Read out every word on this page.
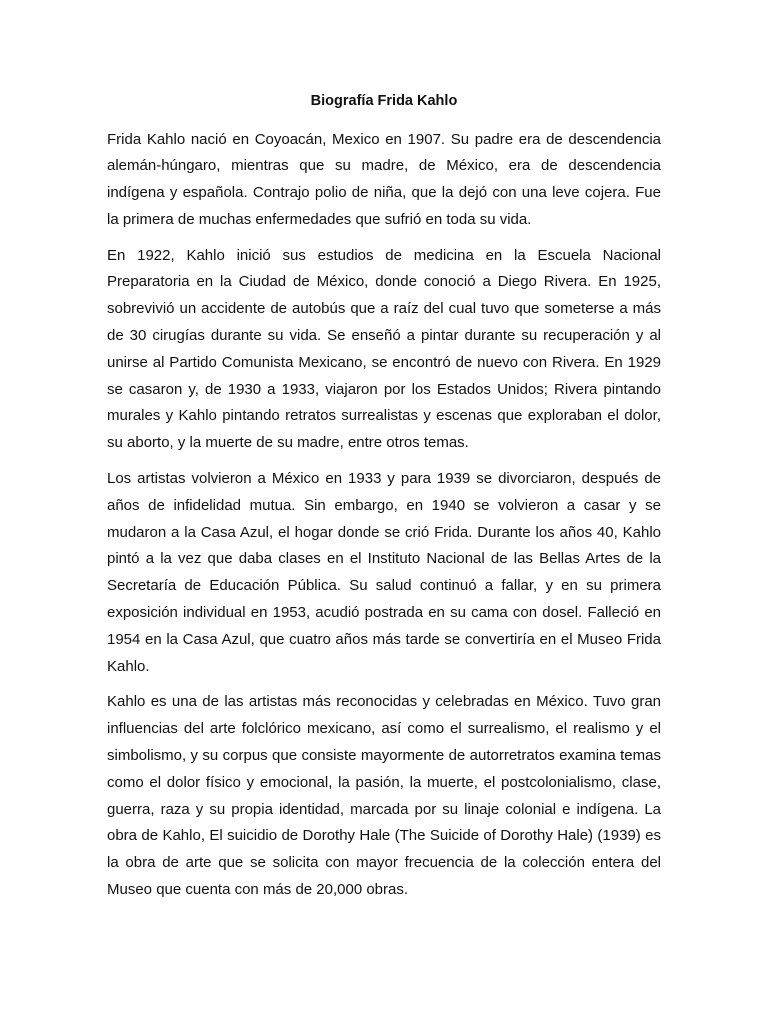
Biografía Frida Kahlo

Frida Kahlo nació en Coyoacán, Mexico en 1907. Su padre era de descendencia alemán-húngaro, mientras que su madre, de México, era de descendencia indígena y española. Contrajo polio de niña, que la dejó con una leve cojera. Fue la primera de muchas enfermedades que sufrió en toda su vida.

En 1922, Kahlo inició sus estudios de medicina en la Escuela Nacional Preparatoria en la Ciudad de México, donde conoció a Diego Rivera. En 1925, sobrevivió un accidente de autobús que a raíz del cual tuvo que someterse a más de 30 cirugías durante su vida. Se enseñó a pintar durante su recuperación y al unirse al Partido Comunista Mexicano, se encontró de nuevo con Rivera. En 1929 se casaron y, de 1930 a 1933, viajaron por los Estados Unidos; Rivera pintando murales y Kahlo pintando retratos surrealistas y escenas que exploraban el dolor, su aborto, y la muerte de su madre, entre otros temas.

Los artistas volvieron a México en 1933 y para 1939 se divorciaron, después de años de infidelidad mutua. Sin embargo, en 1940 se volvieron a casar y se mudaron a la Casa Azul, el hogar donde se crió Frida. Durante los años 40, Kahlo pintó a la vez que daba clases en el Instituto Nacional de las Bellas Artes de la Secretaría de Educación Pública. Su salud continuó a fallar, y en su primera exposición individual en 1953, acudió postrada en su cama con dosel. Falleció en 1954 en la Casa Azul, que cuatro años más tarde se convertiría en el Museo Frida Kahlo.

Kahlo es una de las artistas más reconocidas y celebradas en México. Tuvo gran influencias del arte folclórico mexicano, así como el surrealismo, el realismo y el simbolismo, y su corpus que consiste mayormente de autorretratos examina temas como el dolor físico y emocional, la pasión, la muerte, el postcolonialismo, clase, guerra, raza y su propia identidad, marcada por su linaje colonial e indígena. La obra de Kahlo, El suicidio de Dorothy Hale (The Suicide of Dorothy Hale) (1939) es la obra de arte que se solicita con mayor frecuencia de la colección entera del Museo que cuenta con más de 20,000 obras.
